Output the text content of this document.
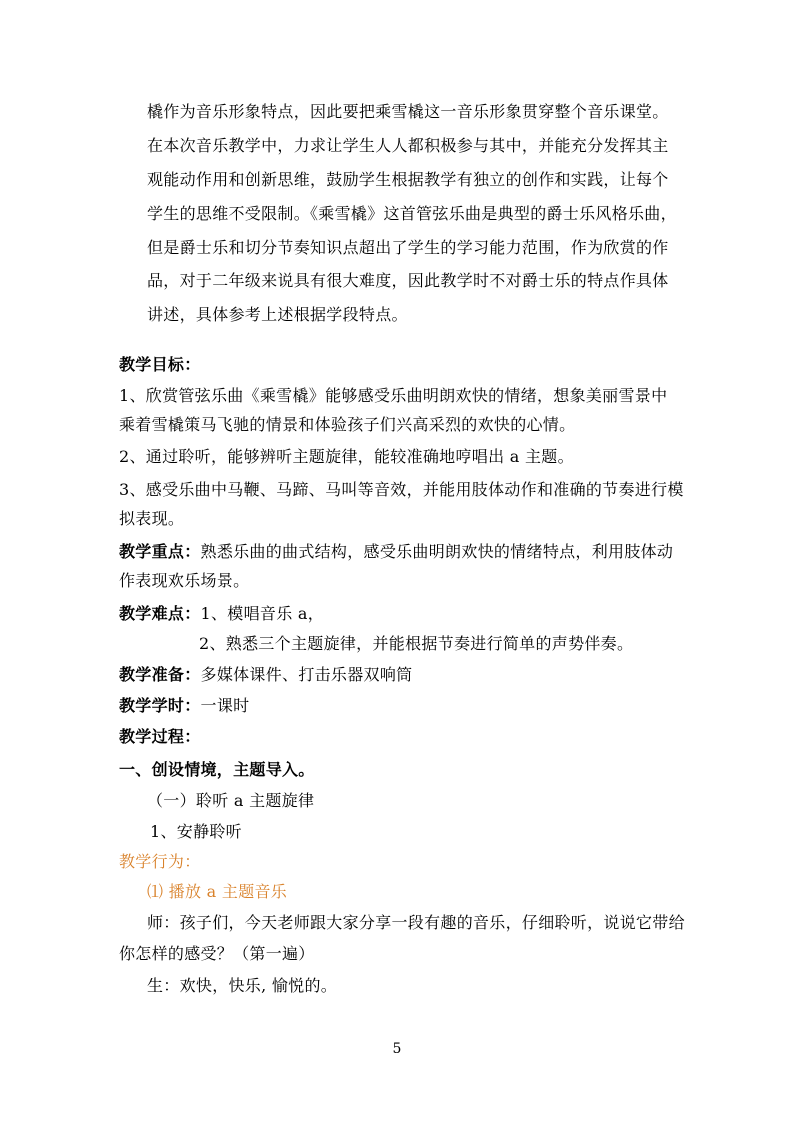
橇作为音乐形象特点，因此要把乘雪橇这一音乐形象贯穿整个音乐课堂。
在本次音乐教学中，力求让学生人人都积极参与其中，并能充分发挥其主
观能动作用和创新思维，鼓励学生根据教学有独立的创作和实践，让每个
学生的思维不受限制。《乘雪橇》这首管弦乐曲是典型的爵士乐风格乐曲，
但是爵士乐和切分节奏知识点超出了学生的学习能力范围，作为欣赏的作
品，对于二年级来说具有很大难度，因此教学时不对爵士乐的特点作具体
讲述，具体参考上述根据学段特点。
教学目标：
1、欣赏管弦乐曲《乘雪橇》能够感受乐曲明朗欢快的情绪，想象美丽雪景中
乘着雪橇策马飞驰的情景和体验孩子们兴高采烈的欢快的心情。
2、通过聆听，能够辨听主题旋律，能较准确地哼唱出 a 主题。
3、感受乐曲中马鞭、马蹄、马叫等音效，并能用肢体动作和准确的节奏进行模
拟表现。
教学重点：熟悉乐曲的曲式结构，感受乐曲明朗欢快的情绪特点，利用肢体动
作表现欢乐场景。
教学难点：1、模唱音乐 a，
2、熟悉三个主题旋律，并能根据节奏进行简单的声势伴奏。
教学准备：多媒体课件、打击乐器双响筒
教学学时：一课时
教学过程：
一、创设情境，主题导入。
（一）聆听 a 主题旋律
1、安静聆听
教学行为：
⑴ 播放 a 主题音乐
师：孩子们，今天老师跟大家分享一段有趣的音乐，仔细聆听，说说它带给
你怎样的感受？（第一遍）
生：欢快，快乐, 愉悦的。
5
